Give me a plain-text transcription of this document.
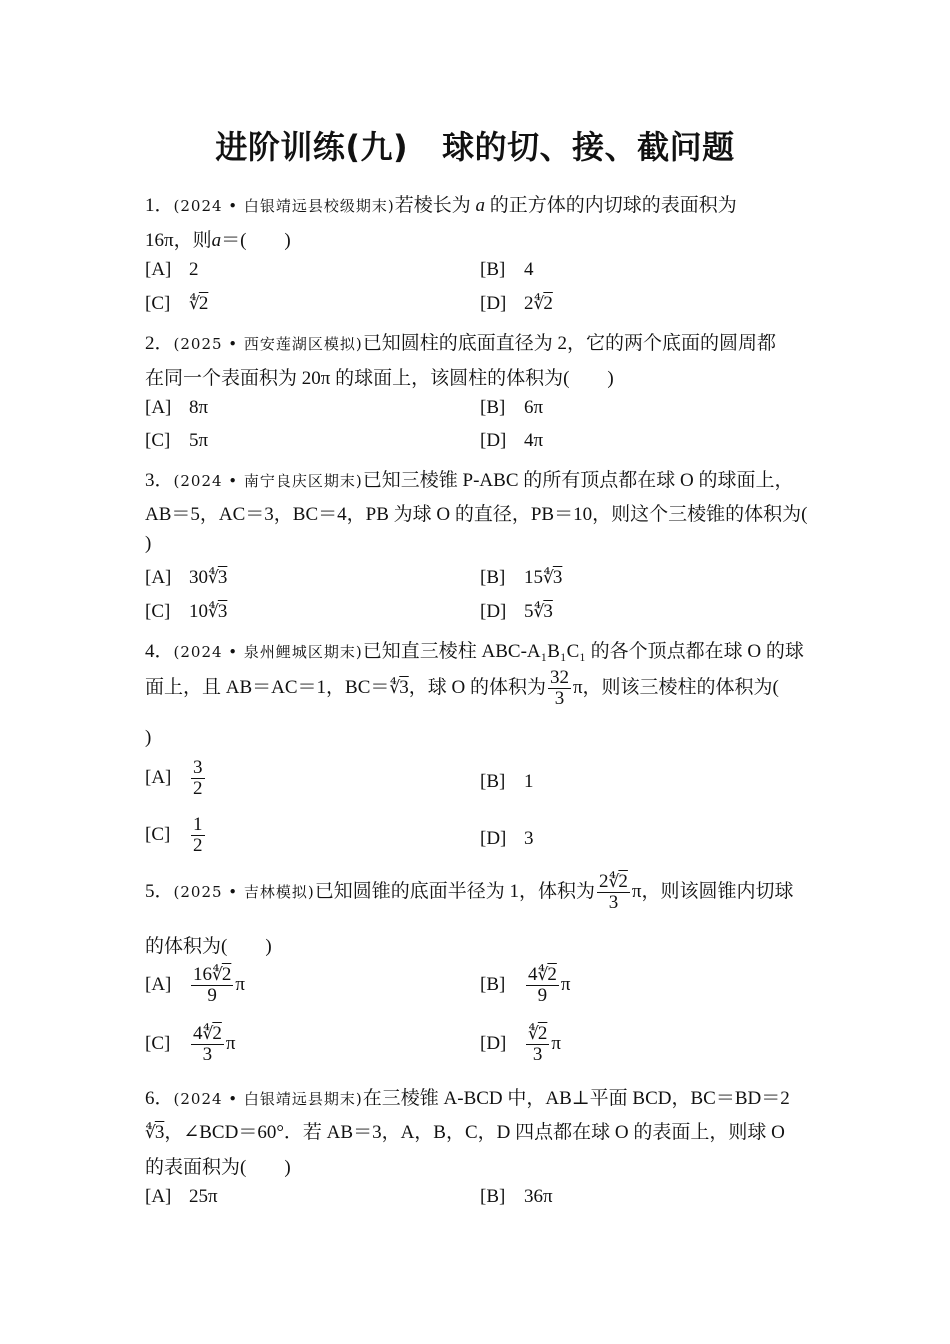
进阶训练(九) 球的切、接、截问题
1．(2024 • 白银靖远县校级期末)若棱长为 a 的正方体的内切球的表面积为
16π，则a＝(　　)
[A] 2	[B] 4
[C] ∜2	[D] 2∜2
2．(2025 • 西安莲湖区模拟)已知圆柱的底面直径为 2，它的两个底面的圆周都
在同一个表面积为 20π 的球面上，该圆柱的体积为(　　)
[A] 8π	[B] 6π
[C] 5π	[D] 4π
3．(2024 • 南宁良庆区期末)已知三棱锥 P-ABC 的所有顶点都在球 O 的球面上，
AB＝5，AC＝3，BC＝4，PB 为球 O 的直径，PB＝10，则这个三棱锥的体积为(
)
[A] 30∜3	[B] 15∜3
[C] 10∜3	[D] 5∜3
4．(2024 • 泉州鲤城区期末)已知直三棱柱 ABC-A₁B₁C₁ 的各个顶点都在球 O 的球
面上，且 AB＝AC＝1，BC＝∜3，球 O 的体积为 $\frac{32}{3}$ π，则该三棱柱的体积为(
)
$[A] \frac{3}{2}$	[B] 1
$[C] \frac{1}{2}$	[D] 3
5．(2025 • 吉林模拟)已知圆锥的底面半径为 1，体积为 $\frac{2∜2}{3}$ π，则该圆锥内切球
的体积为(　　)
$[A] \frac{16∜2}{9}$ π	$[B] \frac{4∜2}{9}$ π
$[C] \frac{4∜2}{3}$ π	$[D] \frac{∜2}{3}$ π
6．(2024 • 白银靖远县期末)在三棱锥 A-BCD 中，AB⊥平面 BCD，BC＝BD＝2
∜3，∠BCD＝60°．若 AB＝3，A，B，C，D 四点都在球 O 的表面上，则球 O
的表面积为(　　)
[A] 25π	[B] 36π
